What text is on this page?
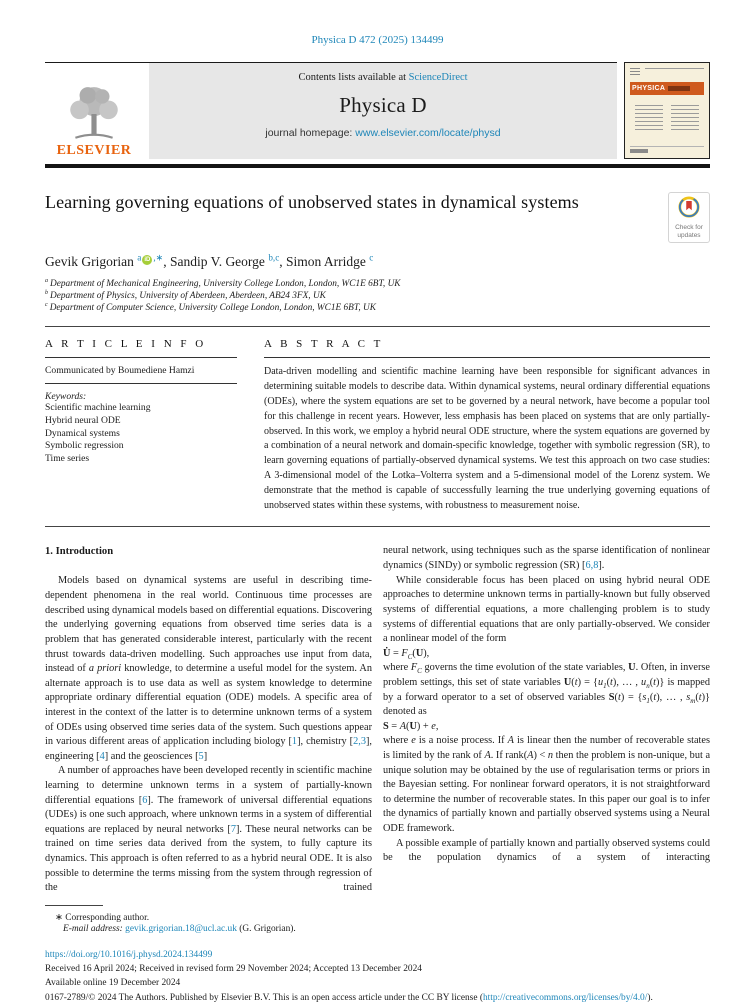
Physica D 472 (2025) 134499
ELSEVIER
Contents lists available at ScienceDirect
Physica D
journal homepage: www.elsevier.com/locate/physd
PHYSICA
Learning governing equations of unobserved states in dynamical systems
Check for updates
Gevik Grigorian $^a$ iD ,∗, Sandip V. George $^{b,c}$, Simon Arridge $^c$
$^a$ Department of Mechanical Engineering, University College London, London, WC1E 6BT, UK
$^b$ Department of Physics, University of Aberdeen, Aberdeen, AB24 3FX, UK
$^c$ Department of Computer Science, University College London, London, WC1E 6BT, UK
A R T I C L E I N F O
Communicated by Boumediene Hamzi
Keywords:
Scientific machine learning
Hybrid neural ODE
Dynamical systems
Symbolic regression
Time series
A B S T R A C T
Data-driven modelling and scientific machine learning have been responsible for significant advances in determining suitable models to describe data. Within dynamical systems, neural ordinary differential equations (ODEs), where the system equations are set to be governed by a neural network, have become a popular tool for this challenge in recent years. However, less emphasis has been placed on systems that are only partially-observed. In this work, we employ a hybrid neural ODE structure, where the system equations are governed by a combination of a neural network and domain-specific knowledge, together with symbolic regression (SR), to learn governing equations of partially-observed dynamical systems. We test this approach on two case studies: A 3-dimensional model of the Lotka–Volterra system and a 5-dimensional model of the Lorenz system. We demonstrate that the method is capable of successfully learning the true underlying governing equations of unobserved states within these systems, with robustness to measurement noise.
1. Introduction

Models based on dynamical systems are useful in describing time-dependent phenomena in the real world. Continuous time processes are described using dynamical models based on differential equations. Discovering the underlying governing equations from observed time series data is a problem that has generated considerable interest, particularly with the recent thrust towards data-driven modelling. Such approaches use input from data, instead of a priori knowledge, to determine a useful model for the system. An alternate approach is to use data as well as system knowledge to determine appropriate ordinary differential equation (ODE) models. A specific area of interest in the context of the latter is to determine unknown terms of a system of ODEs using observed time series data of the system. Such questions appear in various different areas of application including biology [1], chemistry [2,3], engineering [4] and the geosciences [5]

A number of approaches have been developed recently in scientific machine learning to determine unknown terms in a system of partially-known differential equations [6]. The framework of universal differential equations (UDEs) is one such approach, where unknown terms in a system of differential equations are replaced by neural networks [7]. These neural networks can be trained on time series data derived from the system, to fully capture its dynamics. This approach is often referred to as a hybrid neural ODE. It is also possible to determine the terms missing from the system through regression of the trained

neural network, using techniques such as the sparse identification of nonlinear dynamics (SINDy) or symbolic regression (SR) [6,8].

While considerable focus has been placed on using hybrid neural ODE approaches to determine unknown terms in partially-known but fully observed systems of differential equations, a more challenging problem is to study systems of differential equations that are only partially-observed. We consider a nonlinear model of the form

U̇ = $F_C(U)$,

where $F_C$ governs the time evolution of the state variables, U. Often, in inverse problem settings, this set of state variables $U(t) = \{u_1(t)$, … , $u_n(t)$} is mapped by a forward operator to a set of observed variables $S(t) = \{s_1(t)$, … , $s_m(t)$} denoted as

S = A(U) + e,

where e is a noise process. If A is linear then the number of recoverable states is limited by the rank of A. If rank(A) < n then the problem is non-unique, but a unique solution may be obtained by the use of regularisation terms or priors in the Bayesian setting. For nonlinear forward operators, it is not straightforward to determine the number of recoverable states. In this paper our goal is to infer the dynamics of partially known and partially observed systems using a Neural ODE framework.

A possible example of partially known and partially observed systems could be the population dynamics of a system of interacting

∗ Corresponding author.
E-mail address: gevik.grigorian.18@ucl.ac.uk (G. Grigorian).
https://doi.org/10.1016/j.physd.2024.134499
Received 16 April 2024; Received in revised form 29 November 2024; Accepted 13 December 2024
Available online 19 December 2024
0167-2789/© 2024 The Authors. Published by Elsevier B.V. This is an open access article under the CC BY license (http://creativecommons.org/licenses/by/4.0/).
